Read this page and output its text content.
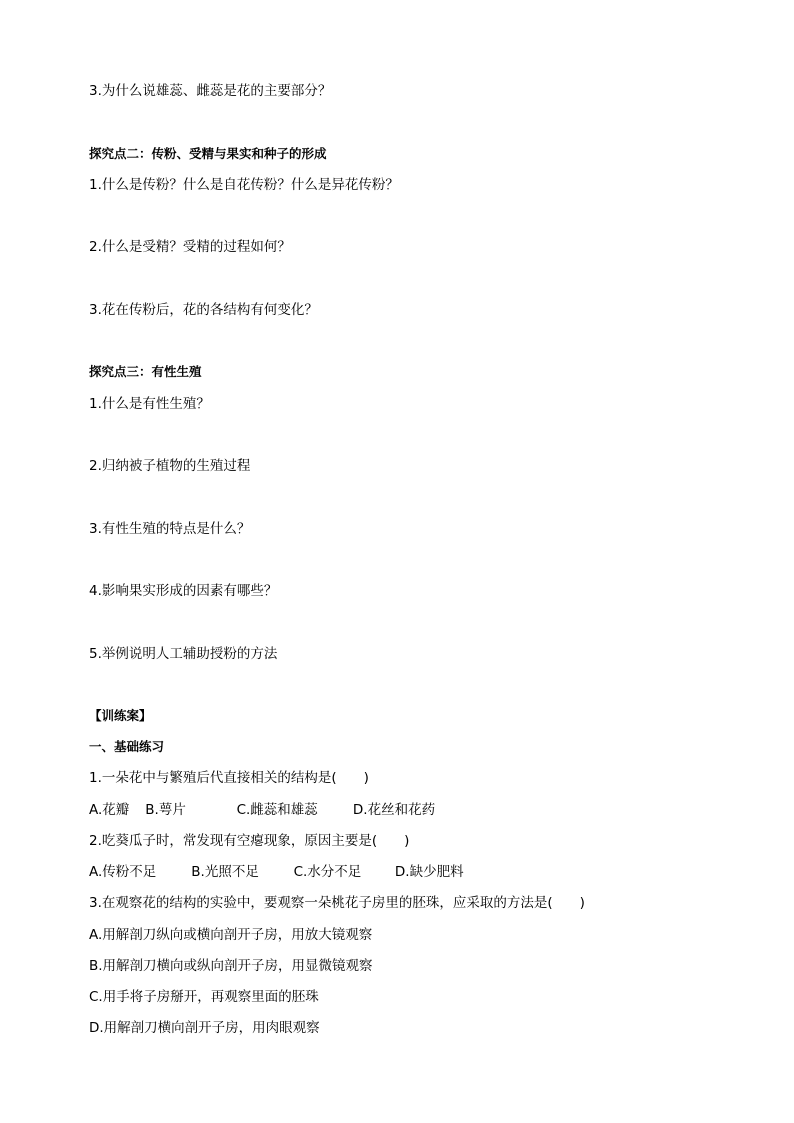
3.为什么说雄蕊、雌蕊是花的主要部分？
探究点二：传粉、受精与果实和种子的形成
1.什么是传粉？什么是自花传粉？什么是异花传粉？
2.什么是受精？受精的过程如何？
3.花在传粉后，花的各结构有何变化？
探究点三：有性生殖
1.什么是有性生殖？
2.归纳被子植物的生殖过程
3.有性生殖的特点是什么？
4.影响果实形成的因素有哪些？
5.举例说明人工辅助授粉的方法
【训练案】
一、基础练习
1.一朵花中与繁殖后代直接相关的结构是(　　)
A.花瓣 B.萼片	C.雌蕊和雄蕊	D.花丝和花药
2.吃葵瓜子时，常发现有空瘪现象，原因主要是(　　)
A.传粉不足	B.光照不足	C.水分不足 D.缺少肥料
3.在观察花的结构的实验中，要观察一朵桃花子房里的胚珠，应采取的方法是(　　)
A.用解剖刀纵向或横向剖开子房，用放大镜观察
B.用解剖刀横向或纵向剖开子房，用显微镜观察
C.用手将子房掰开，再观察里面的胚珠
D.用解剖刀横向剖开子房，用肉眼观察
